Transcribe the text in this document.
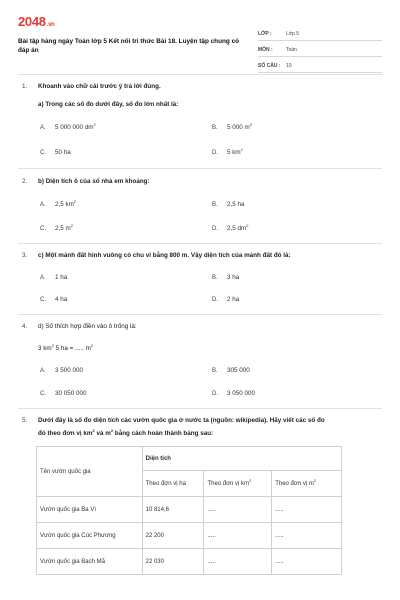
2048.vn
Bài tập hàng ngày Toán lớp 5 Kết nối tri thức Bài 18. Luyện tập chung có đáp án
LỚP :	Lớp 5
MÔN :	Toán
SỐ CÂU :	10
1. Khoanh vào chữ cái trước ý trả lời đúng.
a) Trong các số đo dưới đây, số đo lớn nhất là:
A. 5 000 000 $dm^2$
B. 5 000 $m^2$
C. 50 ha	D. 5 $km^2$
2. b) Diện tích ô của sổ nhà em khoảng:
A. 2,5 $km^2$
B. 2,5 ha
C. 2,5 $m^2$
D. 2,5 $dm^2$
3. c) Một mảnh đất hình vuông có chu vi bằng 800 m. Vậy diện tích của mảnh đất đó là:
A. 1 ha	B. 3 ha
C. 4 ha	D. 2 ha
4. d) Số thích hợp điền vào ô trống là:
3 $km^2$ 5 ha = ..... $m^2$
A. 3 500 000	B. 305 000
C. 30 050 000	D. 3 050 000
5. Dưới đây là số đo diện tích các vườn quốc gia ở nước ta (nguồn: wikipedia). Hãy viết các số đo
đó theo đơn vị $km^2$ và $m^2$ bằng cách hoàn thành bảng sau:
Tên vườn quốc gia	Diện tích		
	Theo đơn vị ha	Theo đơn vị $km^2$	Theo đơn vị $m^2$
Vườn quốc gia Ba Vì	10 814,6	.....	.....
Vườn quốc gia Cúc Phương	22 200	.....	.....
Vườn quốc gia Bạch Mã	22 030	.....	.....
